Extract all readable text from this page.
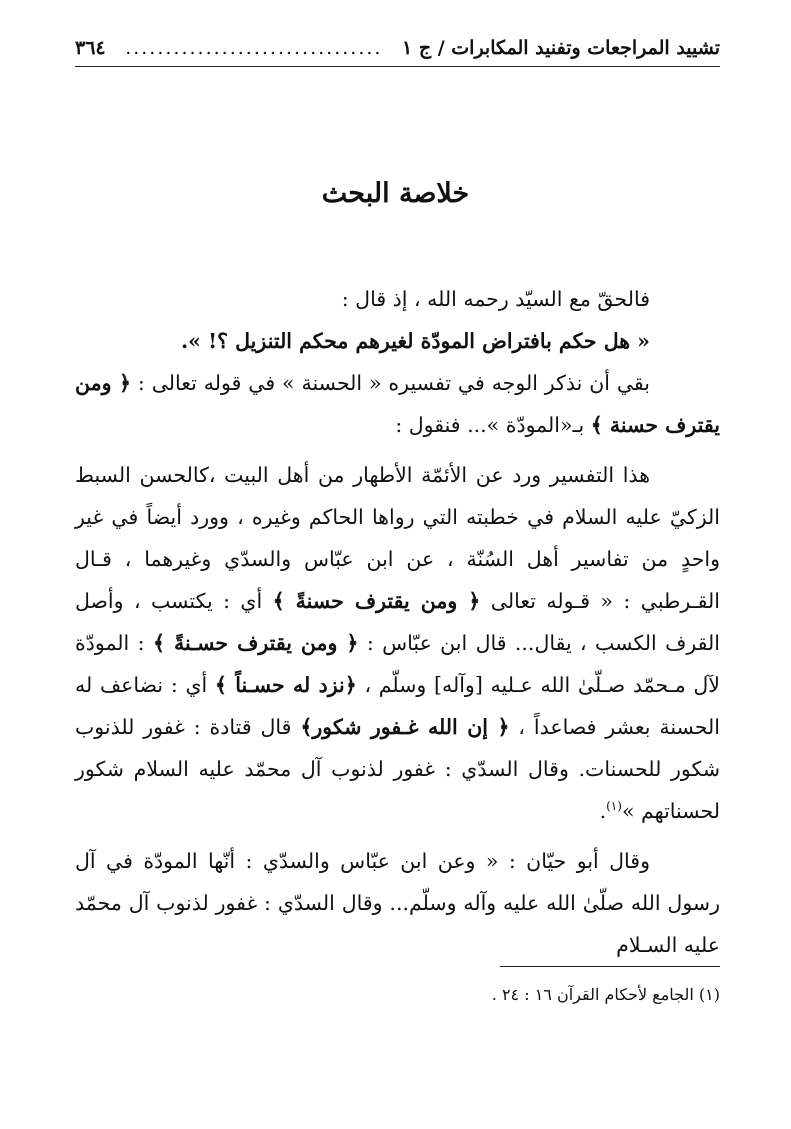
تشييد المراجعات وتفنيد المكابرات / ج ١
................................
٣٦٤
خلاصة البحث

فالحقّ مع السيّد رحمه الله ، إذ قال :

« هل حكم بافتراض المودّة لغيرهم محكم التنزيل ؟! ».

بقي أن نذكر الوجه في تفسيره « الحسنة » في قوله تعالى : ﴿ ومن يقترف حسنة ﴾ بـ«المودّة »... فنقول :

هذا التفسير ورد عن الأئمّة الأطهار من أهل البيت ،كالحسن السبط الزكيّ عليه السلام في خطبته التي رواها الحاكم وغيره ، وورد أيضاً في غير واحدٍ من تفاسير أهل السُنّة ، عن ابن عبّاس والسدّي وغيرهما ، قـال القـرطبي : « قـوله تعالى ﴿ ومن يقترف حسنةً ﴾ أي : يكتسب ، وأصل القرف الكسب ، يقال... قال ابن عبّاس : ﴿ ومن يقترف حسـنةً ﴾ : المودّة لآل مـحمّد صـلّىٰ الله عـليه [وآله] وسلّم ، ﴿نزد له حسـناً ﴾ أي : نضاعف له الحسنة بعشر فصاعداً ، ﴿ إن الله غـفور شكور﴾ قال قتادة : غفور للذنوب شكور للحسنات. وقال السدّي : غفور لذنوب آل محمّد عليه السلام شكور لحسناتهم »$^{(١)}$.

وقال أبو حيّان : « وعن ابن عبّاس والسدّي : أنّها المودّة في آل رسول الله صلّىٰ الله عليه وآله وسلّم... وقال السدّي : غفور لذنوب آل محمّد عليه السـلام

(١) الجامع لأحكام القرآن ١٦ : ٢٤ .
